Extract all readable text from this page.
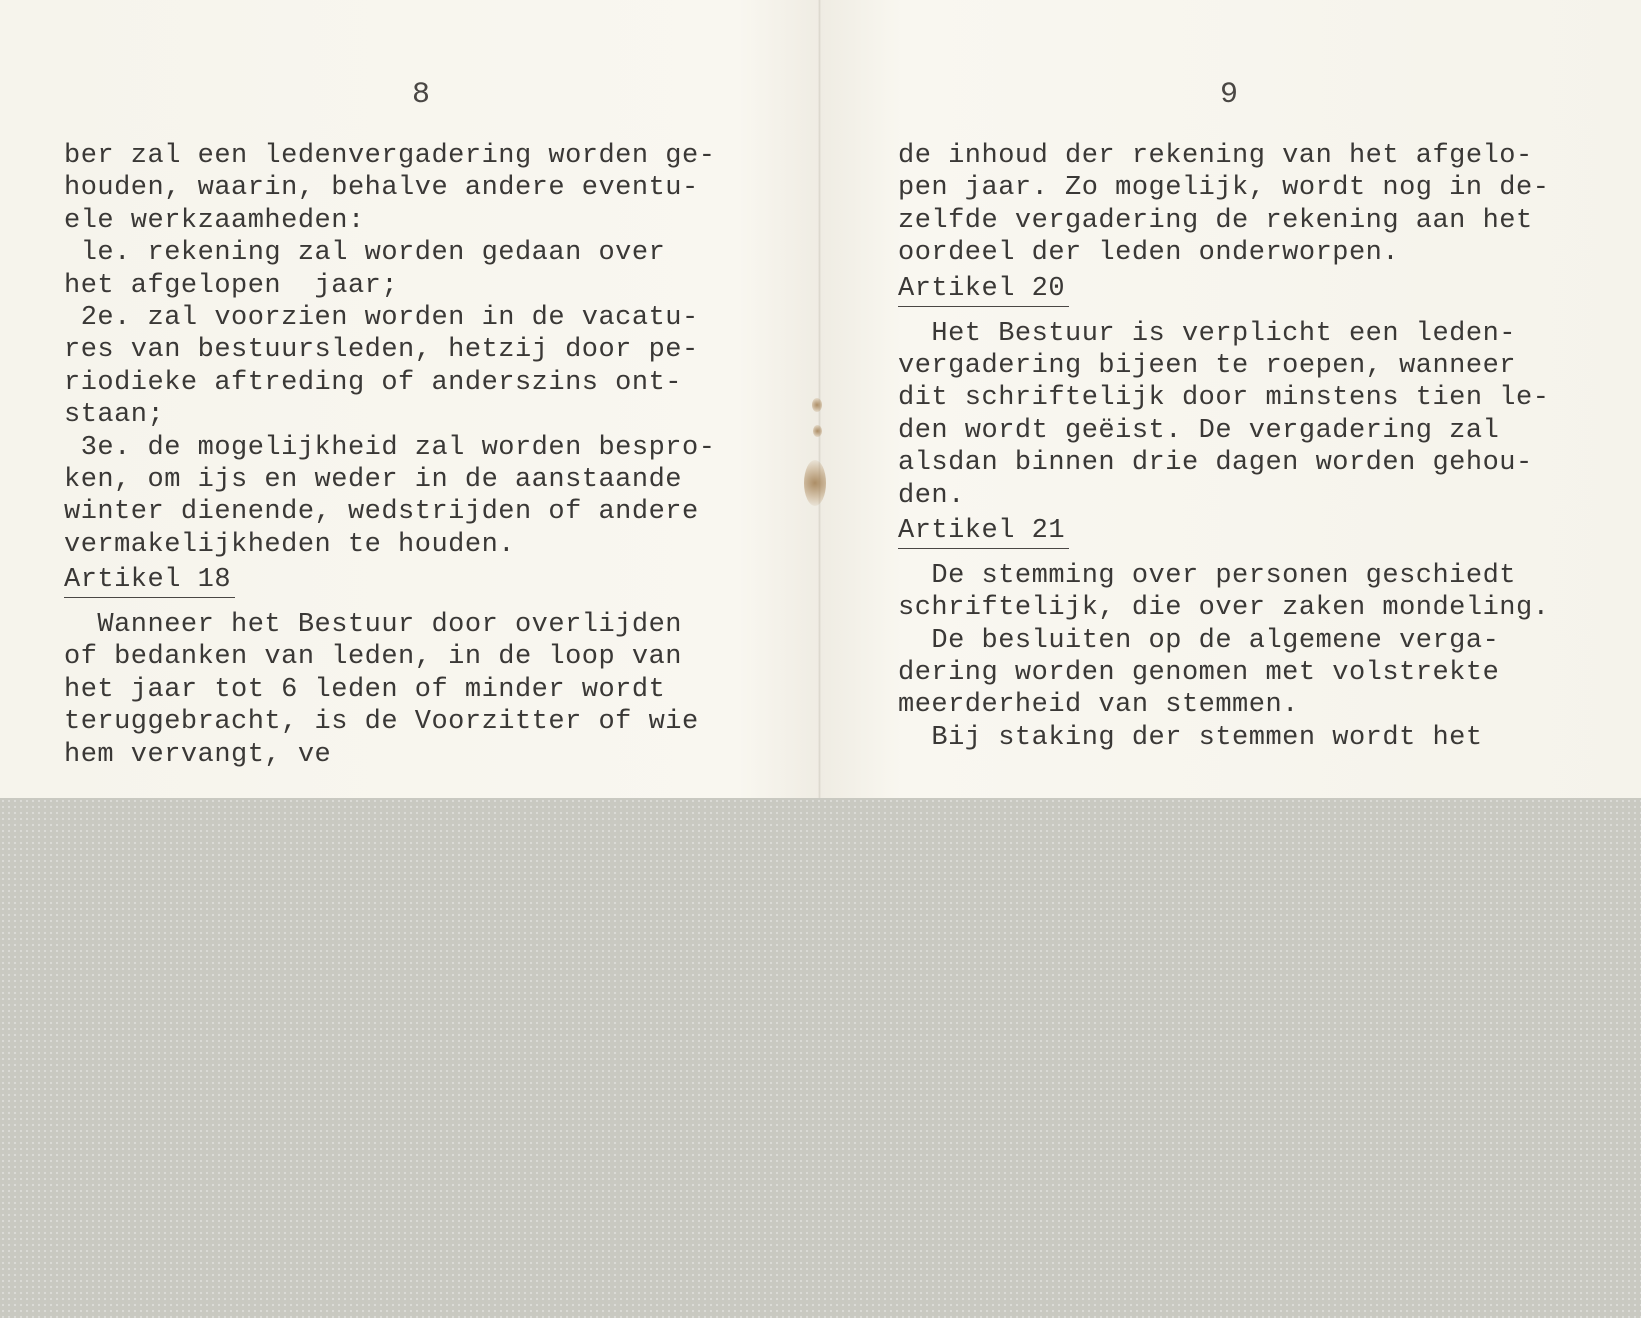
8
ber zal een ledenvergadering worden ge-
houden, waarin, behalve andere eventu-
ele werkzaamheden:
le. rekening zal worden gedaan over
het afgelopen  jaar;
2e. zal voorzien worden in de vacatu-
res van bestuursleden, hetzij door pe-
riodieke aftreding of anderszins ont-
staan;
3e. de mogelijkheid zal worden bespro-
ken, om ijs en weder in de aanstaande
winter dienende, wedstrijden of andere
vermakelijkheden te houden.
Artikel 18
Wanneer het Bestuur door overlijden
of bedanken van leden, in de loop van
het jaar tot 6 leden of minder wordt
teruggebracht, is de Voorzitter of wie
hem vervangt, ve
9
de inhoud der rekening van het afgelo-
pen jaar. Zo mogelijk, wordt nog in de-
zelfde vergadering de rekening aan het
oordeel der leden onderworpen.
Artikel 20
Het Bestuur is verplicht een leden-
vergadering bijeen te roepen, wanneer
dit schriftelijk door minstens tien le-
den wordt geëist. De vergadering zal
alsdan binnen drie dagen worden gehou-
den.
Artikel 21
De stemming over personen geschiedt
schriftelijk, die over zaken mondeling.
De besluiten op de algemene verga-
dering worden genomen met volstrekte
meerderheid van stemmen.
Bij staking der stemmen wordt het
